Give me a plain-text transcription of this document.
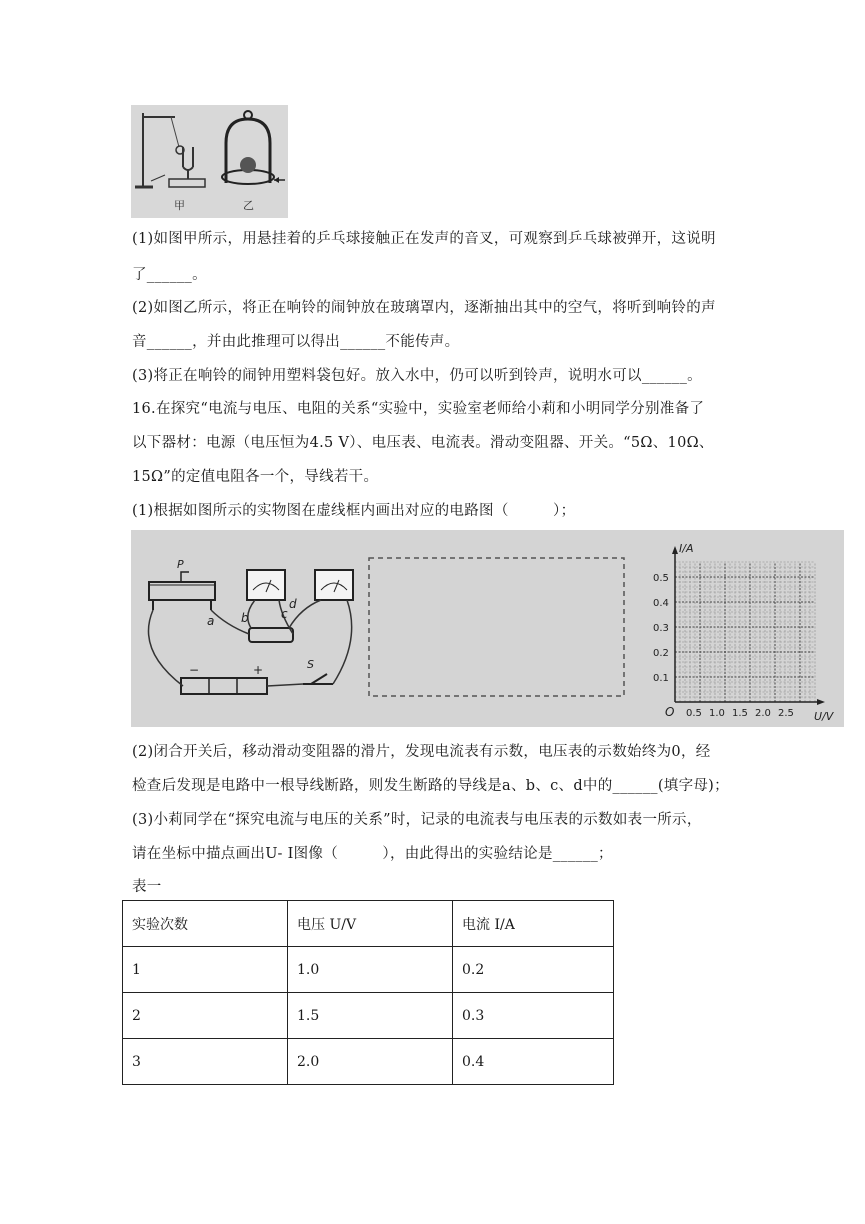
甲	乙
(1)如图甲所示，用悬挂着的乒乓球接触正在发声的音叉，可观察到乒乓球被弹开，这说明
了______。
(2)如图乙所示，将正在响铃的闹钟放在玻璃罩内，逐渐抽出其中的空气，将听到响铃的声
音______，并由此推理可以得出______不能传声。
(3)将正在响铃的闹钟用塑料袋包好。放入水中，仍可以听到铃声，说明水可以______。
16.在探究“电流与电压、电阻的关系“实验中，实验室老师给小莉和小明同学分别准备了
以下器材：电源（电压恒为4.5 V）、电压表、电流表。滑动变阻器、开关。“5Ω、10Ω、
15Ω”的定值电阻各一个，导线若干。
(1)根据如图所示的实物图在虚线框内画出对应的电路图（　　　）；
P
−	+	S
a b	c
d
I/A
U/V
O
0.5
0.4
0.3
0.2
0.1
0.5 1.0 1.5 2.0 2.5
(2)闭合开关后，移动滑动变阻器的滑片，发现电流表有示数，电压表的示数始终为0，经
检查后发现是电路中一根导线断路，则发生断路的导线是a、b、c、d中的______(填字母)；
(3)小莉同学在“探究电流与电压的关系”时，记录的电流表与电压表的示数如表一所示，
请在坐标中描点画出U- I图像（　　　），由此得出的实验结论是______；
表一
实验次数	电压 U/V	电流 I/A
1	1.0	0.2
2	1.5	0.3
3	2.0	0.4
